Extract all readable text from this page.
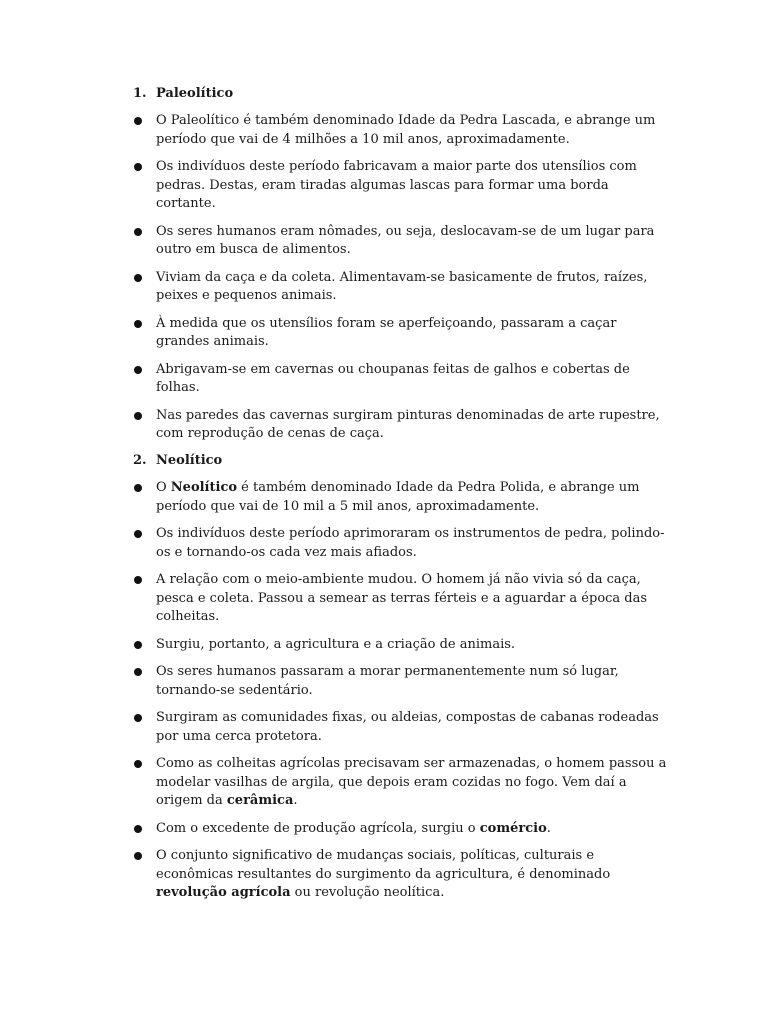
1. Paleolítico
O Paleolítico é também denominado Idade da Pedra Lascada, e abrange um período que vai de 4 milhões a 10 mil anos, aproximadamente.
Os indivíduos deste período fabricavam a maior parte dos utensílios com pedras. Destas, eram tiradas algumas lascas para formar uma borda cortante.
Os seres humanos eram nômades, ou seja, deslocavam-se de um lugar para outro em busca de alimentos.
Viviam da caça e da coleta. Alimentavam-se basicamente de frutos, raízes, peixes e pequenos animais.
À medida que os utensílios foram se aperfeiçoando, passaram a caçar grandes animais.
Abrigavam-se em cavernas ou choupanas feitas de galhos e cobertas de folhas.
Nas paredes das cavernas surgiram pinturas denominadas de arte rupestre, com reprodução de cenas de caça.
2. Neolítico
O Neolítico é também denominado Idade da Pedra Polida, e abrange um período que vai de 10 mil a 5 mil anos, aproximadamente.
Os indivíduos deste período aprimoraram os instrumentos de pedra, polindo-os e tornando-os cada vez mais afiados.
A relação com o meio-ambiente mudou. O homem já não vivia só da caça, pesca e coleta. Passou a semear as terras férteis e a aguardar a época das colheitas.
Surgiu, portanto, a agricultura e a criação de animais.
Os seres humanos passaram a morar permanentemente num só lugar, tornando-se sedentário.
Surgiram as comunidades fixas, ou aldeias, compostas de cabanas rodeadas por uma cerca protetora.
Como as colheitas agrícolas precisavam ser armazenadas, o homem passou a modelar vasilhas de argila, que depois eram cozidas no fogo. Vem daí a origem da cerâmica.
Com o excedente de produção agrícola, surgiu o comércio.
O conjunto significativo de mudanças sociais, políticas, culturais e econômicas resultantes do surgimento da agricultura, é denominado revolução agrícola ou revolução neolítica.
